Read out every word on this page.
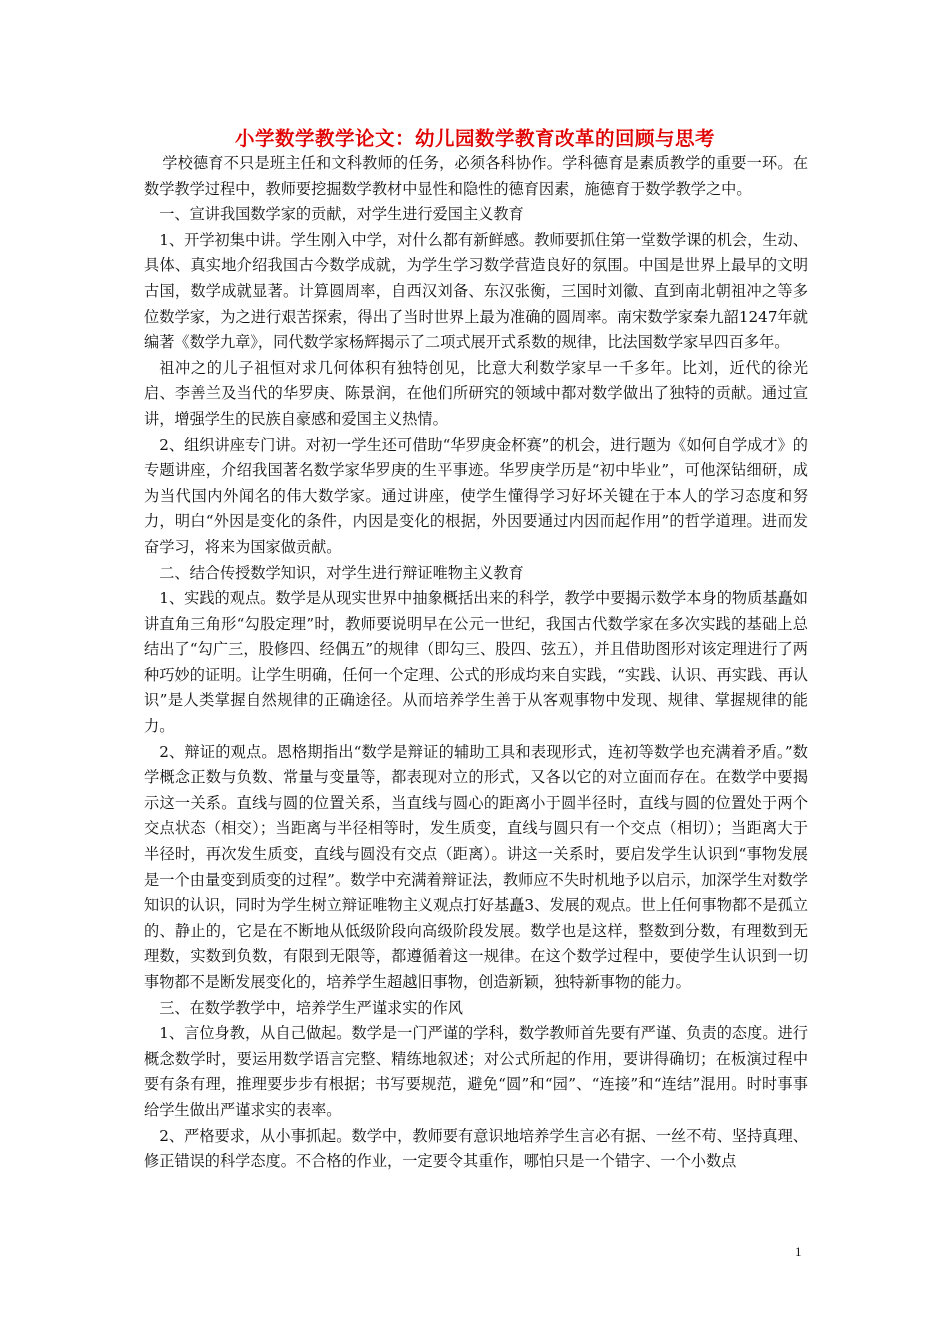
小学数学教学论文：幼儿园数学教育改革的回顾与思考

学校德育不只是班主任和文科教师的任务，必须各科协作。学科德育是素质教学的重要一环。在数学教学过程中，教师要挖掘数学教材中显性和隐性的德育因素，施德育于数学教学之中。

一、宣讲我国数学家的贡献，对学生进行爱国主义教育

1、开学初集中讲。学生刚入中学，对什么都有新鲜感。教师要抓住第一堂数学课的机会，生动、具体、真实地介绍我国古今数学成就，为学生学习数学营造良好的氛围。中国是世界上最早的文明古国，数学成就显著。计算圆周率，自西汉刘备、东汉张衡，三国时刘徽、直到南北朝祖冲之等多位数学家，为之进行艰苦探索，得出了当时世界上最为准确的圆周率。南宋数学家秦九韶1247年就编著《数学九章》，同代数学家杨辉揭示了二项式展开式系数的规律，比法国数学家早四百多年。

祖冲之的儿子祖恒对求几何体积有独特创见，比意大利数学家早一千多年。比刘，近代的徐光启、李善兰及当代的华罗庚、陈景润，在他们所研究的领域中都对数学做出了独特的贡献。通过宣讲，增强学生的民族自豪感和爱国主义热情。

2、组织讲座专门讲。对初一学生还可借助“华罗庚金杯赛”的机会，进行题为《如何自学成才》的专题讲座，介绍我国著名数学家华罗庚的生平事迹。华罗庚学历是“初中毕业”，可他深钻细研，成为当代国内外闻名的伟大数学家。通过讲座，使学生懂得学习好坏关键在于本人的学习态度和努力，明白“外因是变化的条件，内因是变化的根据，外因要通过内因而起作用”的哲学道理。进而发奋学习，将来为国家做贡献。

二、结合传授数学知识，对学生进行辩证唯物主义教育

1、实践的观点。数学是从现实世界中抽象概括出来的科学，教学中要揭示数学本身的物质基矗如讲直角三角形“勾股定理”时，教师要说明早在公元一世纪，我国古代数学家在多次实践的基础上总结出了“勾广三，股修四、经偶五”的规律（即勾三、股四、弦五），并且借助图形对该定理进行了两种巧妙的证明。让学生明确，任何一个定理、公式的形成均来自实践，“实践、认识、再实践、再认识”是人类掌握自然规律的正确途径。从而培养学生善于从客观事物中发现、规律、掌握规律的能力。

2、辩证的观点。恩格期指出“数学是辩证的辅助工具和表现形式，连初等数学也充满着矛盾。”数学概念正数与负数、常量与变量等，都表现对立的形式，又各以它的对立面而存在。在数学中要揭示这一关系。直线与圆的位置关系，当直线与圆心的距离小于圆半径时，直线与圆的位置处于两个交点状态（相交）；当距离与半径相等时，发生质变，直线与圆只有一个交点（相切）；当距离大于半径时，再次发生质变，直线与圆没有交点（距离）。讲这一关系时，要启发学生认识到“事物发展是一个由量变到质变的过程”。数学中充满着辩证法，教师应不失时机地予以启示，加深学生对数学知识的认识，同时为学生树立辩证唯物主义观点打好基矗3、发展的观点。世上任何事物都不是孤立的、静止的，它是在不断地从低级阶段向高级阶段发展。数学也是这样，整数到分数，有理数到无理数，实数到负数，有限到无限等，都遵循着这一规律。在这个数学过程中，要使学生认识到一切事物都不是断发展变化的，培养学生超越旧事物，创造新颖，独特新事物的能力。

三、在数学教学中，培养学生严谨求实的作风

1、言位身教，从自己做起。数学是一门严谨的学科，数学教师首先要有严谨、负责的态度。进行概念数学时，要运用数学语言完整、精练地叙述；对公式所起的作用，要讲得确切；在板演过程中要有条有理，推理要步步有根据；书写要规范，避免“圆”和“园”、“连接”和“连结”混用。时时事事给学生做出严谨求实的表率。

2、严格要求，从小事抓起。数学中，教师要有意识地培养学生言必有据、一丝不苟、坚持真理、修正错误的科学态度。不合格的作业，一定要令其重作，哪怕只是一个错字、一个小数点

1
